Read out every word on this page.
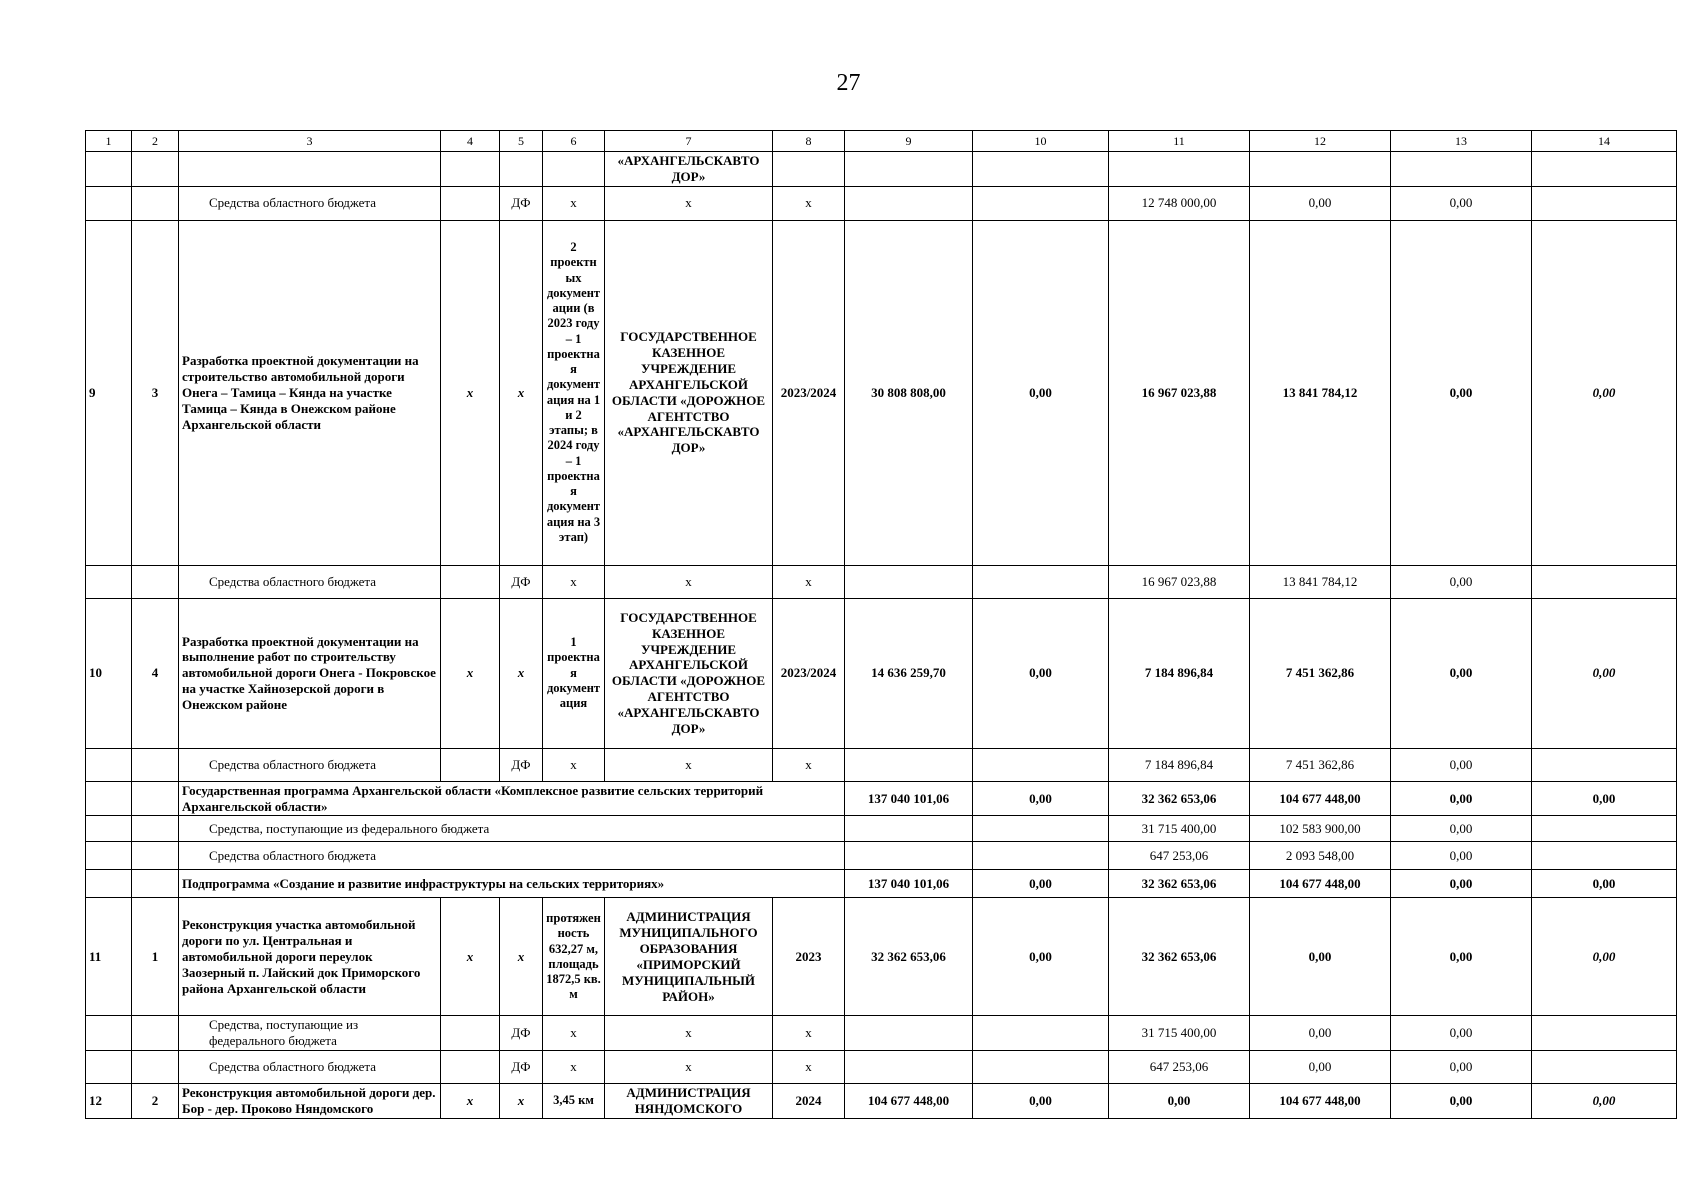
27
1	2	3	4	5	6	7	8	9	10	11	12	13	14
						«АРХАНГЕЛЬСКАВТО ДОР»							
		Средства областного бюджета		ДФ	х	х	х			12 748 000,00	0,00	0,00	
9	3	Разработка проектной документации на строительство автомобильной дороги Онега – Тамица – Кянда на участке Тамица – Кянда в Онежском районе Архангельской области	х	х	2 проектных документации (в 2023 году – 1 проектная документация на 1 и 2 этапы; в 2024 году – 1 проектная документация на 3 этап)	ГОСУДАРСТВЕННОЕ КАЗЕННОЕ УЧРЕЖДЕНИЕ АРХАНГЕЛЬСКОЙ ОБЛАСТИ «ДОРОЖНОЕ АГЕНТСТВО «АРХАНГЕЛЬСКАВТО ДОР»	2023/2024	30 808 808,00	0,00	16 967 023,88	13 841 784,12	0,00	0,00
		Средства областного бюджета		ДФ	х	х	х			16 967 023,88	13 841 784,12	0,00	
10	4	Разработка проектной документации на выполнение работ по строительству автомобильной дороги Онега - Покровское на участке Хайнозерской дороги в Онежском районе	х	х	1 проектная документация	ГОСУДАРСТВЕННОЕ КАЗЕННОЕ УЧРЕЖДЕНИЕ АРХАНГЕЛЬСКОЙ ОБЛАСТИ «ДОРОЖНОЕ АГЕНТСТВО «АРХАНГЕЛЬСКАВТО ДОР»	2023/2024	14 636 259,70	0,00	7 184 896,84	7 451 362,86	0,00	0,00
		Средства областного бюджета		ДФ	х	х	х			7 184 896,84	7 451 362,86	0,00	
		Государственная программа Архангельской области «Комплексное развитие сельских территорий Архангельской области»						137 040 101,06	0,00	32 362 653,06	104 677 448,00	0,00	0,00
		Средства, поступающие из федерального бюджета								31 715 400,00	102 583 900,00	0,00	
		Средства областного бюджета								647 253,06	2 093 548,00	0,00	
		Подпрограмма «Создание и развитие инфраструктуры на сельских территориях»						137 040 101,06	0,00	32 362 653,06	104 677 448,00	0,00	0,00
11	1	Реконструкция участка автомобильной дороги по ул. Центральная и автомобильной дороги переулок Заозерный п. Лайский док Приморского района Архангельской области	х	х	протяженность 632,27 м, площадь 1872,5 кв. м	АДМИНИСТРАЦИЯ МУНИЦИПАЛЬНОГО ОБРАЗОВАНИЯ «ПРИМОРСКИЙ МУНИЦИПАЛЬНЫЙ РАЙОН»	2023	32 362 653,06	0,00	32 362 653,06	0,00	0,00	0,00
		Средства, поступающие из федерального бюджета		ДФ	х	х	х			31 715 400,00	0,00	0,00	
		Средства областного бюджета		ДФ	х	х	х			647 253,06	0,00	0,00	
12	2	Реконструкция автомобильной дороги дер. Бор - дер. Проково Няндомского	х	х	3,45 км	АДМИНИСТРАЦИЯ НЯНДОМСКОГО	2024	104 677 448,00	0,00	0,00	104 677 448,00	0,00	0,00
